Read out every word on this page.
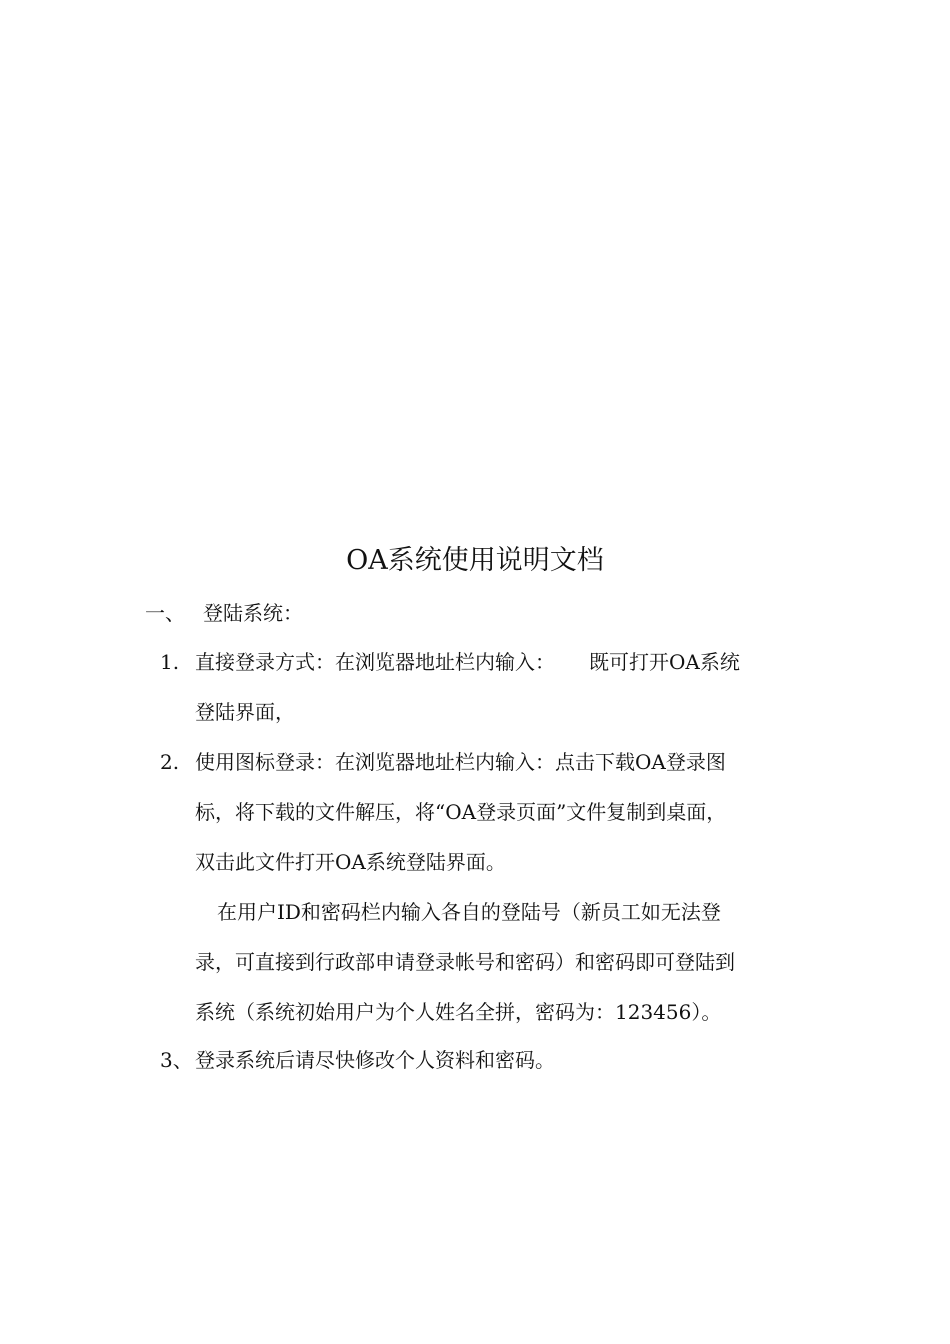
OA系统使用说明文档
一、 登陆系统：
1. 直接登录方式：在浏览器地址栏内输入： 既可打开OA系统
登陆界面，
2. 使用图标登录：在浏览器地址栏内输入：点击下载OA登录图
标，将下载的文件解压，将“OA登录页面”文件复制到桌面，
双击此文件打开OA系统登陆界面。
在用户ID和密码栏内输入各自的登陆号（新员工如无法登
录，可直接到行政部申请登录帐号和密码）和密码即可登陆到
系统（系统初始用户为个人姓名全拼，密码为：123456）。
3、 登录系统后请尽快修改个人资料和密码。
